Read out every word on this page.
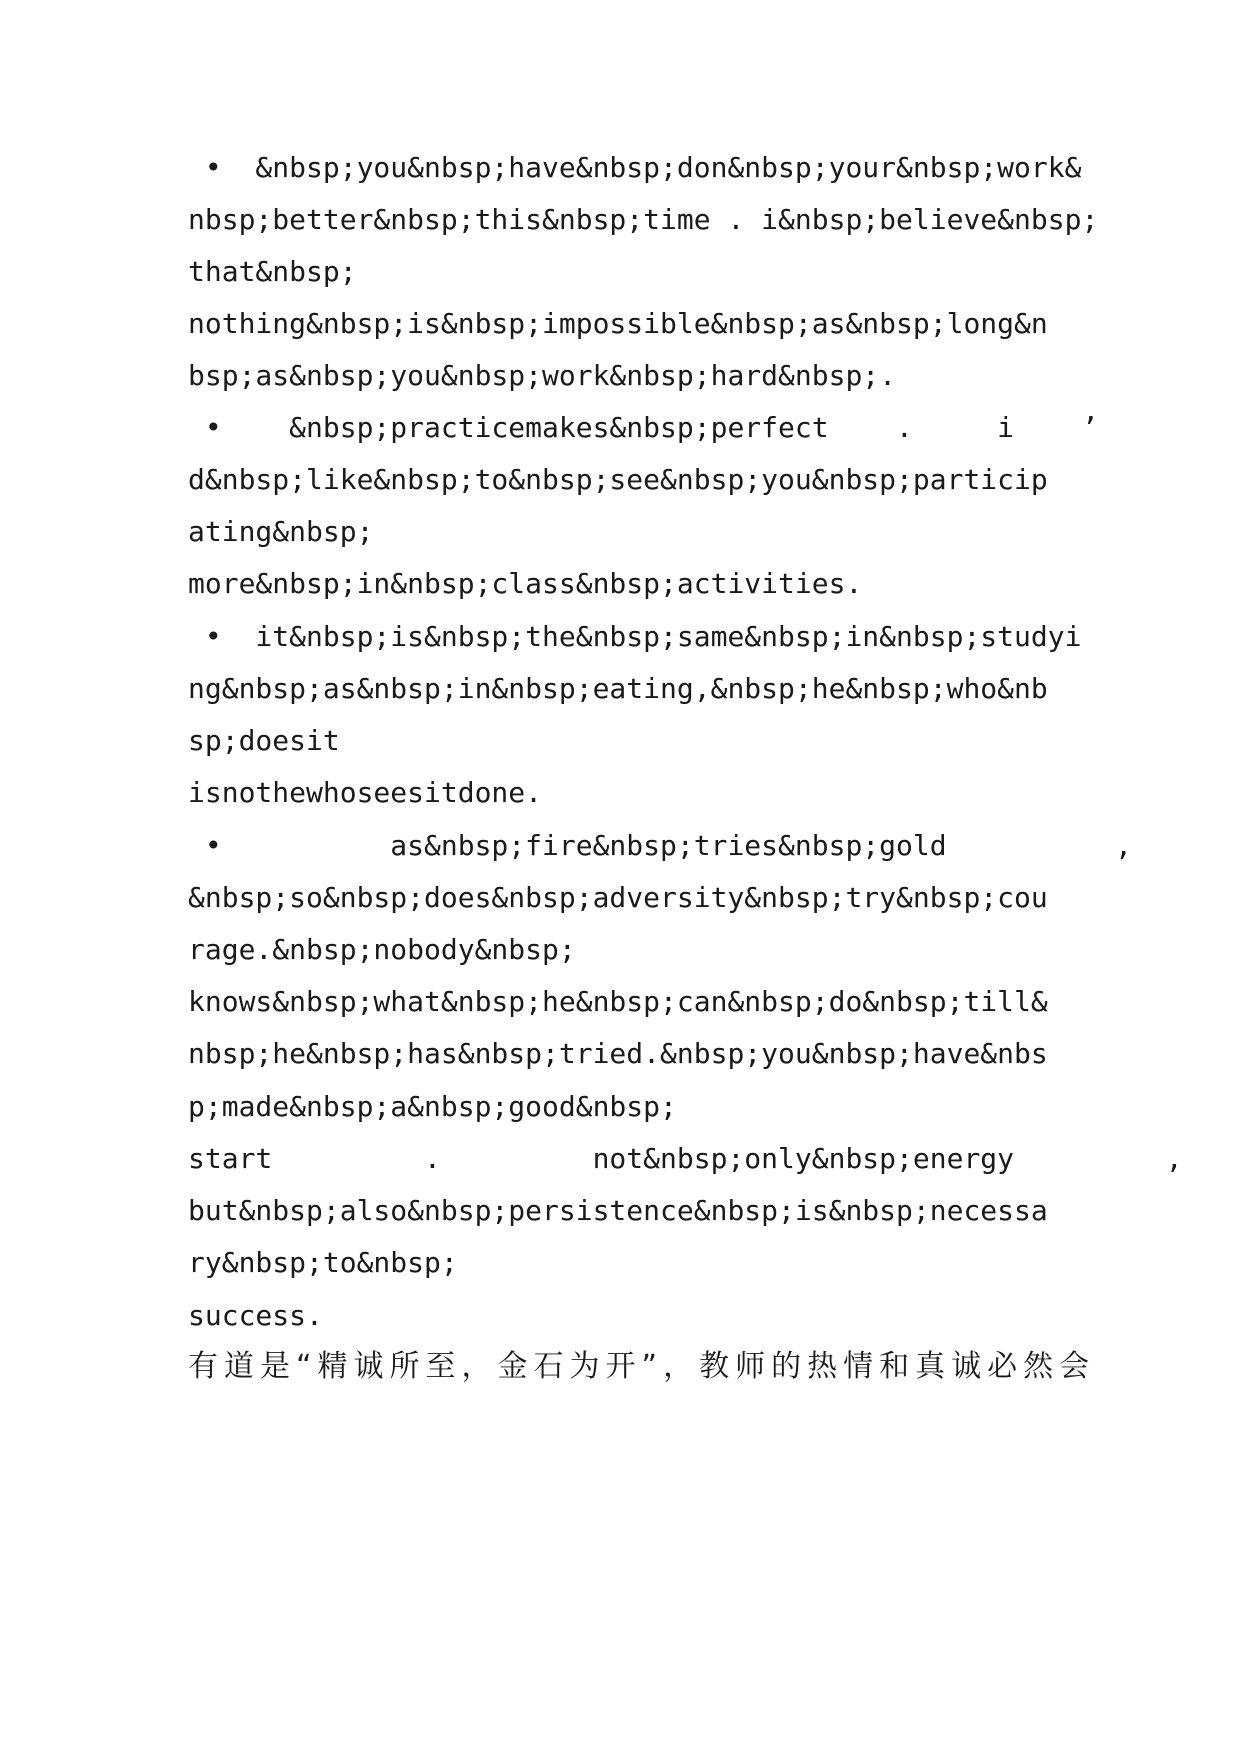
•  &nbsp;you&nbsp;have&nbsp;don&nbsp;your&nbsp;work&
nbsp;better&nbsp;this&nbsp;time . i&nbsp;believe&nbsp;
that&nbsp;
nothing&nbsp;is&nbsp;impossible&nbsp;as&nbsp;long&n
bsp;as&nbsp;you&nbsp;work&nbsp;hard&nbsp;.
•    &nbsp;practicemakes&nbsp;perfect    .     i    ’
d&nbsp;like&nbsp;to&nbsp;see&nbsp;you&nbsp;particip
ating&nbsp;
more&nbsp;in&nbsp;class&nbsp;activities.
•  it&nbsp;is&nbsp;the&nbsp;same&nbsp;in&nbsp;studyi
ng&nbsp;as&nbsp;in&nbsp;eating,&nbsp;he&nbsp;who&nb
sp;doesit
isnothewhoseesitdone.
•          as&nbsp;fire&nbsp;tries&nbsp;gold          ,
&nbsp;so&nbsp;does&nbsp;adversity&nbsp;try&nbsp;cou
rage.&nbsp;nobody&nbsp;
knows&nbsp;what&nbsp;he&nbsp;can&nbsp;do&nbsp;till&
nbsp;he&nbsp;has&nbsp;tried.&nbsp;you&nbsp;have&nbs
p;made&nbsp;a&nbsp;good&nbsp;
start         .         not&nbsp;only&nbsp;energy         ,
but&nbsp;also&nbsp;persistence&nbsp;is&nbsp;necessa
ry&nbsp;to&nbsp;
success.
有道是“精诚所至，金石为开”，教师的热情和真诚必然会
